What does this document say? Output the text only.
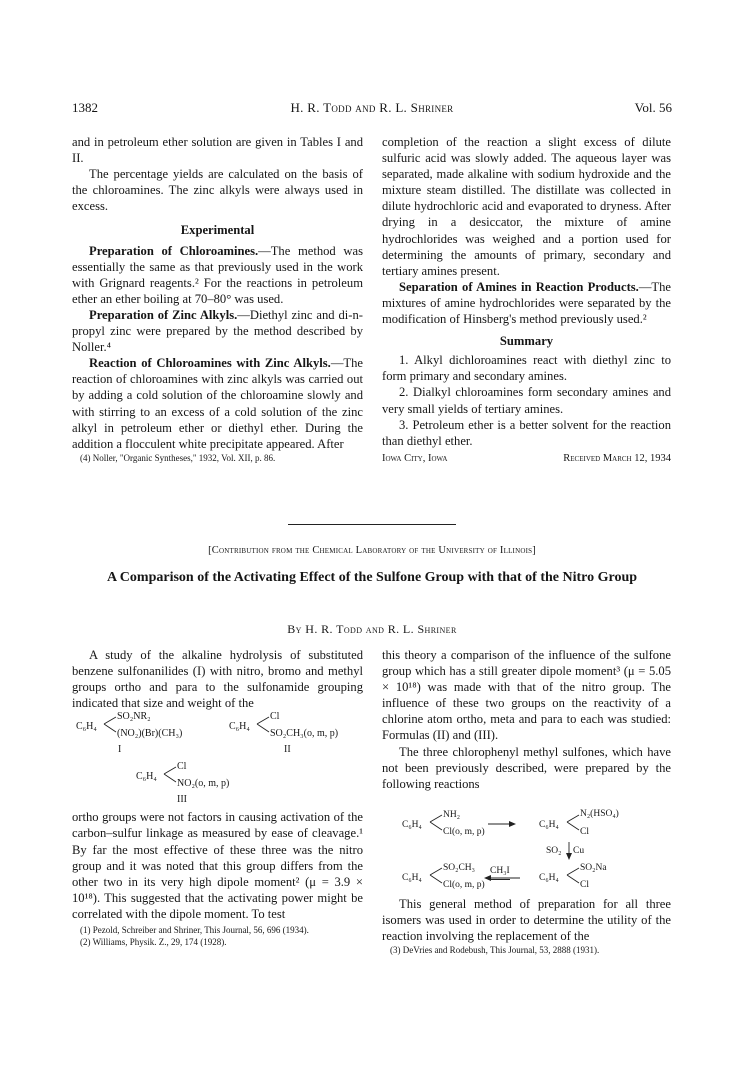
1382	H. R. Todd and R. L. Shriner	Vol. 56

and in petroleum ether solution are given in Tables I and II.

The percentage yields are calculated on the basis of the chloroamines. The zinc alkyls were always used in excess.

Experimental

Preparation of Chloroamines.—The method was essentially the same as that previously used in the work with Grignard reagents.² For the reactions in petroleum ether an ether boiling at 70–80° was used.

Preparation of Zinc Alkyls.—Diethyl zinc and di-n-propyl zinc were prepared by the method described by Noller.⁴

Reaction of Chloroamines with Zinc Alkyls.—The reaction of chloroamines with zinc alkyls was carried out by adding a cold solution of the chloroamine slowly and with stirring to an excess of a cold solution of the zinc alkyl in petroleum ether or diethyl ether. During the addition a flocculent white precipitate appeared. After

(4) Noller, "Organic Syntheses," 1932, Vol. XII, p. 86.

completion of the reaction a slight excess of dilute sulfuric acid was slowly added. The aqueous layer was separated, made alkaline with sodium hydroxide and the mixture steam distilled. The distillate was collected in dilute hydrochloric acid and evaporated to dryness. After drying in a desiccator, the mixture of amine hydrochlorides was weighed and a portion used for determining the amounts of primary, secondary and tertiary amines present.

Separation of Amines in Reaction Products.—The mixtures of amine hydrochlorides were separated by the modification of Hinsberg's method previously used.²

Summary

1. Alkyl dichloroamines react with diethyl zinc to form primary and secondary amines.

2. Dialkyl chloroamines form secondary amines and very small yields of tertiary amines.

3. Petroleum ether is a better solvent for the reaction than diethyl ether.

Iowa City, Iowa	Received March 12, 1934

[Contribution from the Chemical Laboratory of the University of Illinois]
A Comparison of the Activating Effect of the Sulfone Group with that of the Nitro Group
By H. R. Todd and R. L. Shriner

A study of the alkaline hydrolysis of substituted benzene sulfonanilides (I) with nitro, bromo and methyl groups ortho and para to the sulfonamide grouping indicated that size and weight of the

C₆H₄
SO₂NR₂
(NO₂)(Br)(CH₃)
I
C₆H₄
Cl
SO₂CH₃(o, m, p)
II
C₆H₄
Cl
NO₂(o, m, p)
III

ortho groups were not factors in causing activation of the carbon–sulfur linkage as measured by ease of cleavage.¹ By far the most effective of these three was the nitro group and it was noted that this group differs from the other two in its very high dipole moment² (μ = 3.9 × 10¹⁸). This suggested that the activating power might be correlated with the dipole moment. To test

(1) Pezold, Schreiber and Shriner, This Journal, 56, 696 (1934).

(2) Williams, Physik. Z., 29, 174 (1928).

this theory a comparison of the influence of the sulfone group which has a still greater dipole moment³ (μ = 5.05 × 10¹⁸) was made with that of the nitro group. The influence of these two groups on the reactivity of a chlorine atom ortho, meta and para to each was studied: Formulas (II) and (III).

The three chlorophenyl methyl sulfones, which have not been previously described, were prepared by the following reactions

C₆H₄
NH₂
Cl(o, m, p)
C₆H₄
N₂(HSO₄)
Cl
SO₂ Cu
C₆H₄
SO₂CH₃
Cl(o, m, p)
CH₃I
C₆H₄
SO₂Na
Cl

This general method of preparation for all three isomers was used in order to determine the utility of the reaction involving the replacement of the

(3) DeVries and Rodebush, This Journal, 53, 2888 (1931).
